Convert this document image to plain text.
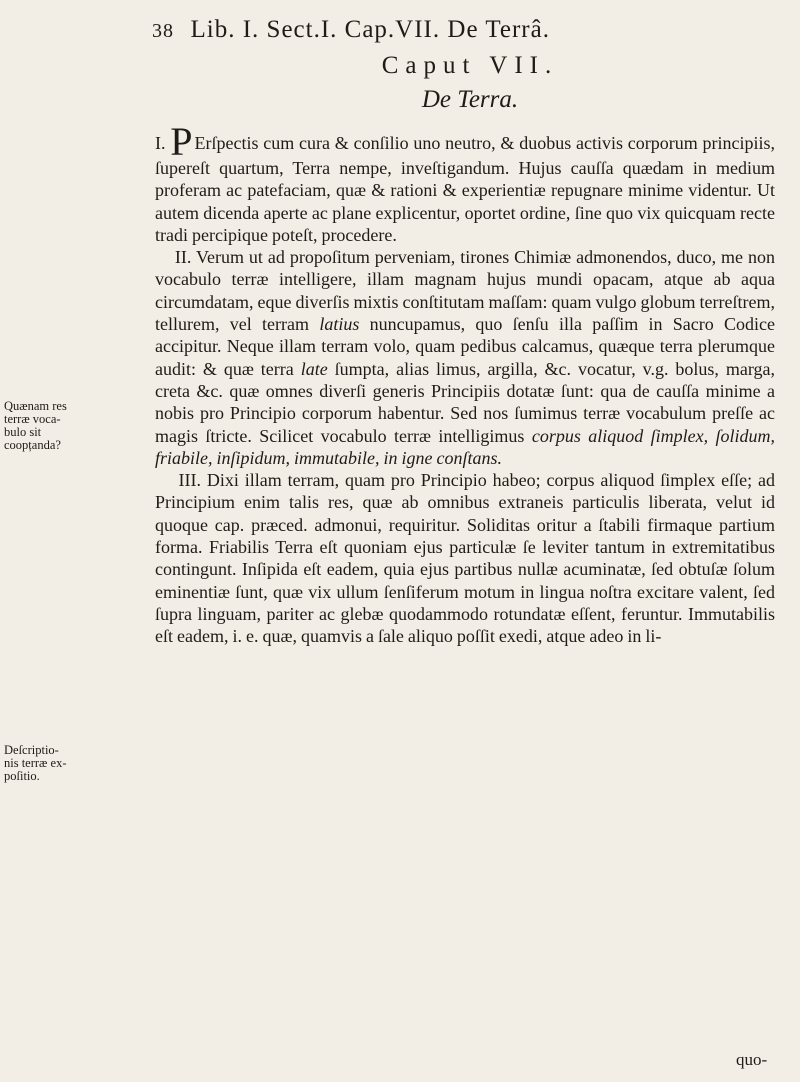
38 Lib. I. Sect.I. Cap.VII. De Terrâ.
Caput VII.
De Terra.
Quænam res terræ voca- bulo sit coopțanda?
Deſcriptio- nis terræ ex- poſitio.

I. P Erſpectis cum cura & conſilio uno neutro, & duobus activis corporum principiis, ſupereſt quartum, Terra nempe, inveſtigandum. Hujus cauſſa quædam in medium proferam ac patefaciam, quæ & rationi & experientiæ repugnare minime videntur. Ut autem dicenda aperte ac plane explicentur, oportet ordine, ſine quo vix quicquam recte tradi percipique poteſt, procedere.

II. Verum ut ad propoſitum perveniam, tirones Chimiæ admonendos, duco, me non vocabulo terræ intelligere, illam magnam hujus mundi opacam, atque ab aqua circumdatam, eque diverſis mixtis conſtitutam maſſam: quam vulgo globum terreſtrem, tellurem, vel terram latius nuncupamus, quo ſenſu illa paſſim in Sacro Codice accipitur. Neque illam terram volo, quam pedibus calcamus, quæque terra plerumque audit: & quæ terra late ſumpta, alias limus, argilla, &c. vocatur, v.g. bolus, marga, creta &c. quæ omnes diverſi generis Principiis dotatæ ſunt: qua de cauſſa minime a nobis pro Principio corporum habentur. Sed nos ſumimus terræ vocabulum preſſe ac magis ſtricte. Scilicet vocabulo terræ intelligimus corpus aliquod ſimplex, ſolidum, friabile, inſipidum, immutabile, in igne conſtans.

III. Dixi illam terram, quam pro Principio habeo; corpus aliquod ſimplex eſſe; ad Principium enim talis res, quæ ab omnibus extraneis particulis liberata, velut id quoque cap. præced. admonui, requiritur. Soliditas oritur a ſtabili firmaque partium forma. Friabilis Terra eſt quoniam ejus particulæ ſe leviter tantum in extremitatibus contingunt. Inſipida eſt eadem, quia ejus partibus nullæ acuminatæ, ſed obtuſæ ſolum eminentiæ ſunt, quæ vix ullum ſenſiferum motum in lingua noſtra excitare valent, ſed ſupra linguam, pariter ac glebæ quodammodo rotundatæ eſſent, feruntur. Immutabilis eſt eadem, i. e. quæ, quamvis a ſale aliquo poſſit exedi, atque adeo in li-

quo-
